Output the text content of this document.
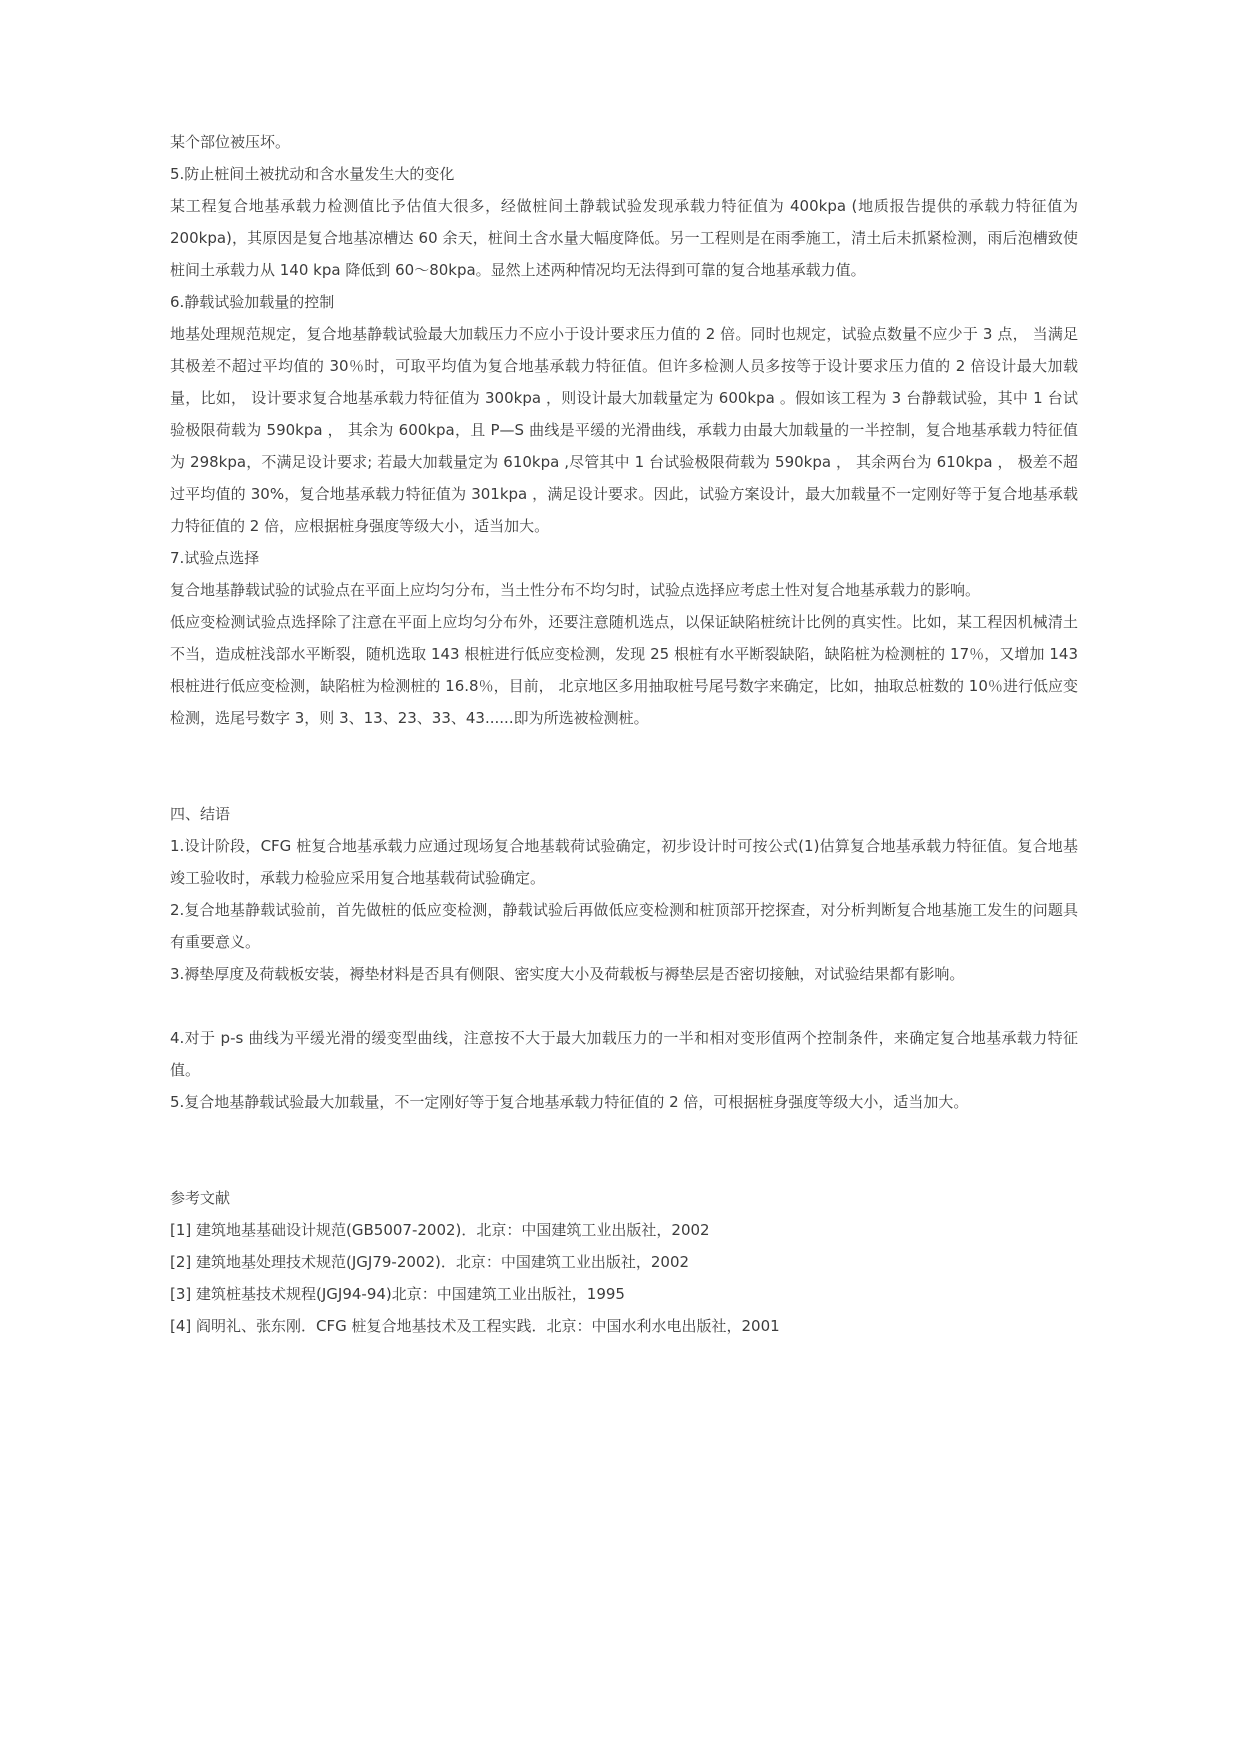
某个部位被压坏。

5.防止桩间土被扰动和含水量发生大的变化

某工程复合地基承载力检测值比予估值大很多，经做桩间土静载试验发现承载力特征值为 400kpa (地质报告提供的承载力特征值为 200kpa)，其原因是复合地基凉槽达 60 余天，桩间土含水量大幅度降低。另一工程则是在雨季施工，清土后未抓紧检测，雨后泡槽致使桩间土承载力从 140 kpa 降低到 60～80kpa。显然上述两种情况均无法得到可靠的复合地基承载力值。

6.静载试验加载量的控制

地基处理规范规定，复合地基静载试验最大加载压力不应小于设计要求压力值的 2 倍。同时也规定，试验点数量不应少于 3 点， 当满足其极差不超过平均值的 30％时，可取平均值为复合地基承载力特征值。但许多检测人员多按等于设计要求压力值的 2 倍设计最大加载量，比如， 设计要求复合地基承载力特征值为 300kpa ，则设计最大加载量定为 600kpa 。假如该工程为 3 台静载试验，其中 1 台试验极限荷载为 590kpa ， 其余为 600kpa，且 P—S 曲线是平缓的光滑曲线，承载力由最大加载量的一半控制，复合地基承载力特征值为 298kpa，不满足设计要求; 若最大加载量定为 610kpa ,尽管其中 1 台试验极限荷载为 590kpa ， 其余两台为 610kpa ， 极差不超过平均值的 30%，复合地基承载力特征值为 301kpa ，满足设计要求。因此，试验方案设计，最大加载量不一定刚好等于复合地基承载力特征值的 2 倍，应根据桩身强度等级大小，适当加大。

7.试验点选择

复合地基静载试验的试验点在平面上应均匀分布，当土性分布不均匀时，试验点选择应考虑土性对复合地基承载力的影响。

低应变检测试验点选择除了注意在平面上应均匀分布外，还要注意随机选点，以保证缺陷桩统计比例的真实性。比如，某工程因机械清土不当，造成桩浅部水平断裂，随机选取 143 根桩进行低应变检测，发现 25 根桩有水平断裂缺陷，缺陷桩为检测桩的 17％，又增加 143 根桩进行低应变检测，缺陷桩为检测桩的 16.8％，目前， 北京地区多用抽取桩号尾号数字来确定，比如，抽取总桩数的 10％进行低应变检测，选尾号数字 3，则 3、13、23、33、43......即为所选被检测桩。

四、结语

1.设计阶段，CFG 桩复合地基承载力应通过现场复合地基载荷试验确定，初步设计时可按公式(1)估算复合地基承载力特征值。复合地基竣工验收时，承载力检验应采用复合地基载荷试验确定。

2.复合地基静载试验前，首先做桩的低应变检测，静载试验后再做低应变检测和桩顶部开挖探查，对分析判断复合地基施工发生的问题具有重要意义。

3.褥垫厚度及荷载板安装，褥垫材料是否具有侧限、密实度大小及荷载板与褥垫层是否密切接触，对试验结果都有影响。

4.对于 p-s 曲线为平缓光滑的缓变型曲线，注意按不大于最大加载压力的一半和相对变形值两个控制条件，来确定复合地基承载力特征值。

5.复合地基静载试验最大加载量，不一定刚好等于复合地基承载力特征值的 2 倍，可根据桩身强度等级大小，适当加大。

参考文献

[1] 建筑地基基础设计规范(GB5007-2002)．北京：中国建筑工业出版社，2002

[2] 建筑地基处理技术规范(JGJ79-2002)．北京：中国建筑工业出版社，2002

[3] 建筑桩基技术规程(JGJ94-94)北京：中国建筑工业出版社，1995

[4] 阎明礼、张东刚．CFG 桩复合地基技术及工程实践．北京：中国水利水电出版社，2001
